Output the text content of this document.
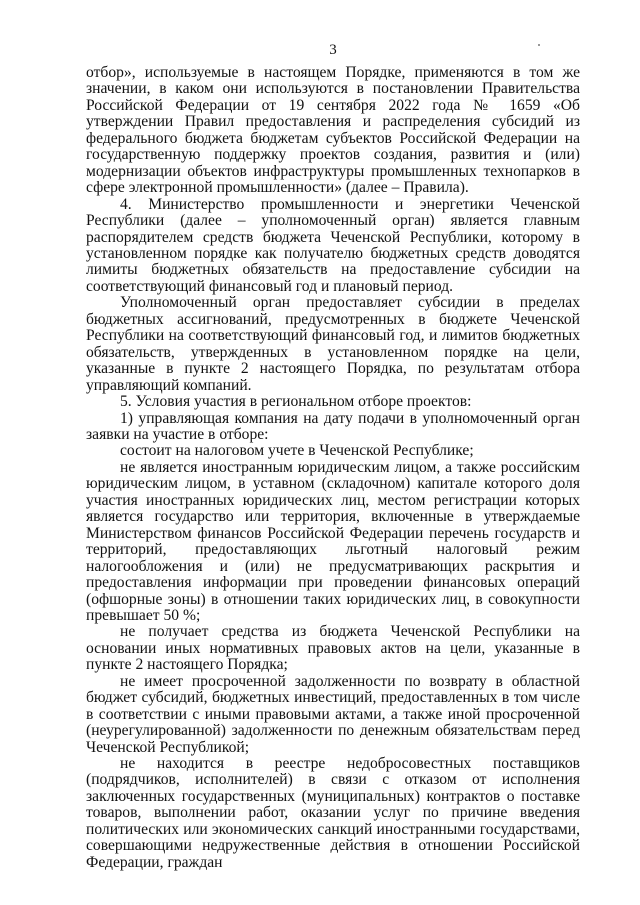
3

отбор», используемые в настоящем Порядке, применяются в том же значении, в каком они используются в постановлении Правительства Российской Федерации от 19 сентября 2022 года № 1659 «Об утверждении Правил предоставления и распределения субсидий из федерального бюджета бюджетам субъектов Российской Федерации на государственную поддержку проектов создания, развития и (или) модернизации объектов инфраструктуры промышленных технопарков в сфере электронной промышленности» (далее – Правила).

4. Министерство промышленности и энергетики Чеченской Республики (далее – уполномоченный орган) является главным распорядителем средств бюджета Чеченской Республики, которому в установленном порядке как получателю бюджетных средств доводятся лимиты бюджетных обязательств на предоставление субсидии на соответствующий финансовый год и плановый период.

Уполномоченный орган предоставляет субсидии в пределах бюджетных ассигнований, предусмотренных в бюджете Чеченской Республики на соответствующий финансовый год, и лимитов бюджетных обязательств, утвержденных в установленном порядке на цели, указанные в пункте 2 настоящего Порядка, по результатам отбора управляющий компаний.

5. Условия участия в региональном отборе проектов:

1) управляющая компания на дату подачи в уполномоченный орган заявки на участие в отборе:

состоит на налоговом учете в Чеченской Республике;

не является иностранным юридическим лицом, а также российским юридическим лицом, в уставном (складочном) капитале которого доля участия иностранных юридических лиц, местом регистрации которых является государство или территория, включенные в утверждаемые Министерством финансов Российской Федерации перечень государств и территорий, предоставляющих льготный налоговый режим налогообложения и (или) не предусматривающих раскрытия и предоставления информации при проведении финансовых операций (офшорные зоны) в отношении таких юридических лиц, в совокупности превышает 50 %;

не получает средства из бюджета Чеченской Республики на основании иных нормативных правовых актов на цели, указанные в пункте 2 настоящего Порядка;

не имеет просроченной задолженности по возврату в областной бюджет субсидий, бюджетных инвестиций, предоставленных в том числе в соответствии с иными правовыми актами, а также иной просроченной (неурегулированной) задолженности по денежным обязательствам перед Чеченской Республикой;

не находится в реестре недобросовестных поставщиков (подрядчиков, исполнителей) в связи с отказом от исполнения заключенных государственных (муниципальных) контрактов о поставке товаров, выполнении работ, оказании услуг по причине введения политических или экономических санкций иностранными государствами, совершающими недружественные действия в отношении Российской Федерации, граждан
